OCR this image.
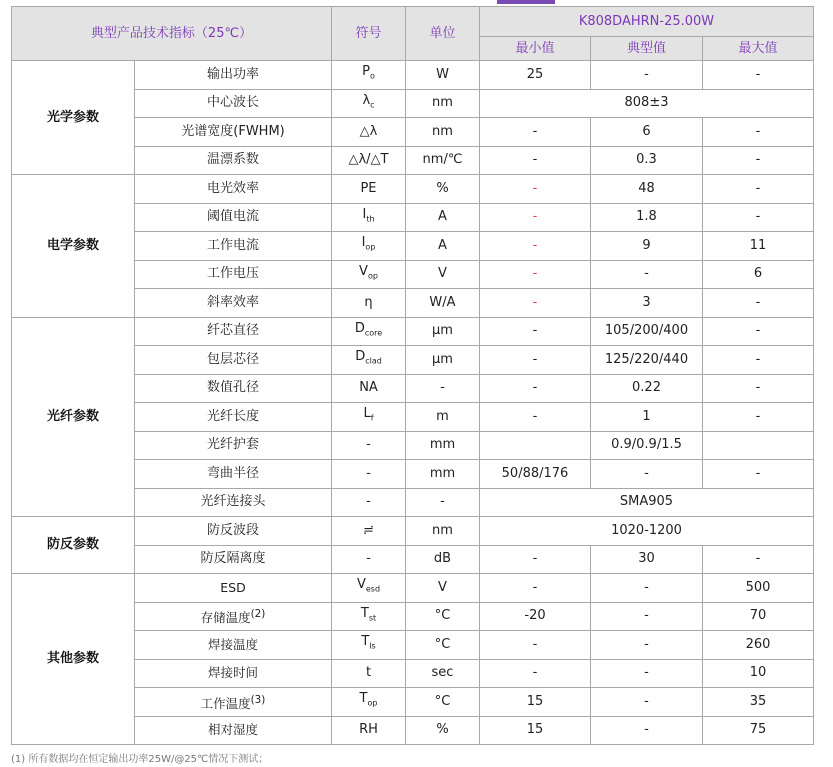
典型产品技术指标（25℃）		符号	单位	K808DAHRN-25.00W		
				最小值	典型值	最大值
光学参数	输出功率	$P_o$	W	25	-	-
	中心波长	$\lambda_c$	nm	808±3		
	光谱宽度(FWHM)	△λ	nm	-	6	-
	温漂系数	△λ/△T	nm/℃	-	0.3	-
电学参数	电光效率	PE	%	-	48	-
	阈值电流	$I_{th}$	A	-	1.8	-
	工作电流	$I_{op}$	A	-	9	11
	工作电压	$V_{op}$	V	-	-	6
	斜率效率	η	W/A	-	3	-
光纤参数	纤芯直径	$D_{core}$	μm	-	105/200/400	-
	包层芯径	$D_{clad}$	μm	-	125/220/440	-
	数值孔径	NA	-	-	0.22	-
	光纤长度	$L_f$	m	-	1	-
	光纤护套	-	mm		0.9/0.9/1.5	
	弯曲半径	-	mm	50/88/176	-	-
	光纤连接头	-	-	SMA905		
防反参数	防反波段	≓	nm	1020-1200		
	防反隔离度	-	dB	-	30	-
其他参数	ESD	$V_{esd}$	V	-	-	500
	存储温度$^{(2)}$	$T_{st}$	°C	-20	-	70
	焊接温度	$T_{ls}$	°C	-	-	260
	焊接时间	t	sec	-	-	10
	工作温度$^{(3)}$	$T_{op}$	°C	15	-	35
	相对湿度	RH	%	15	-	75
(1) 所有数据均在恒定输出功率25W/@25℃情况下测试；
